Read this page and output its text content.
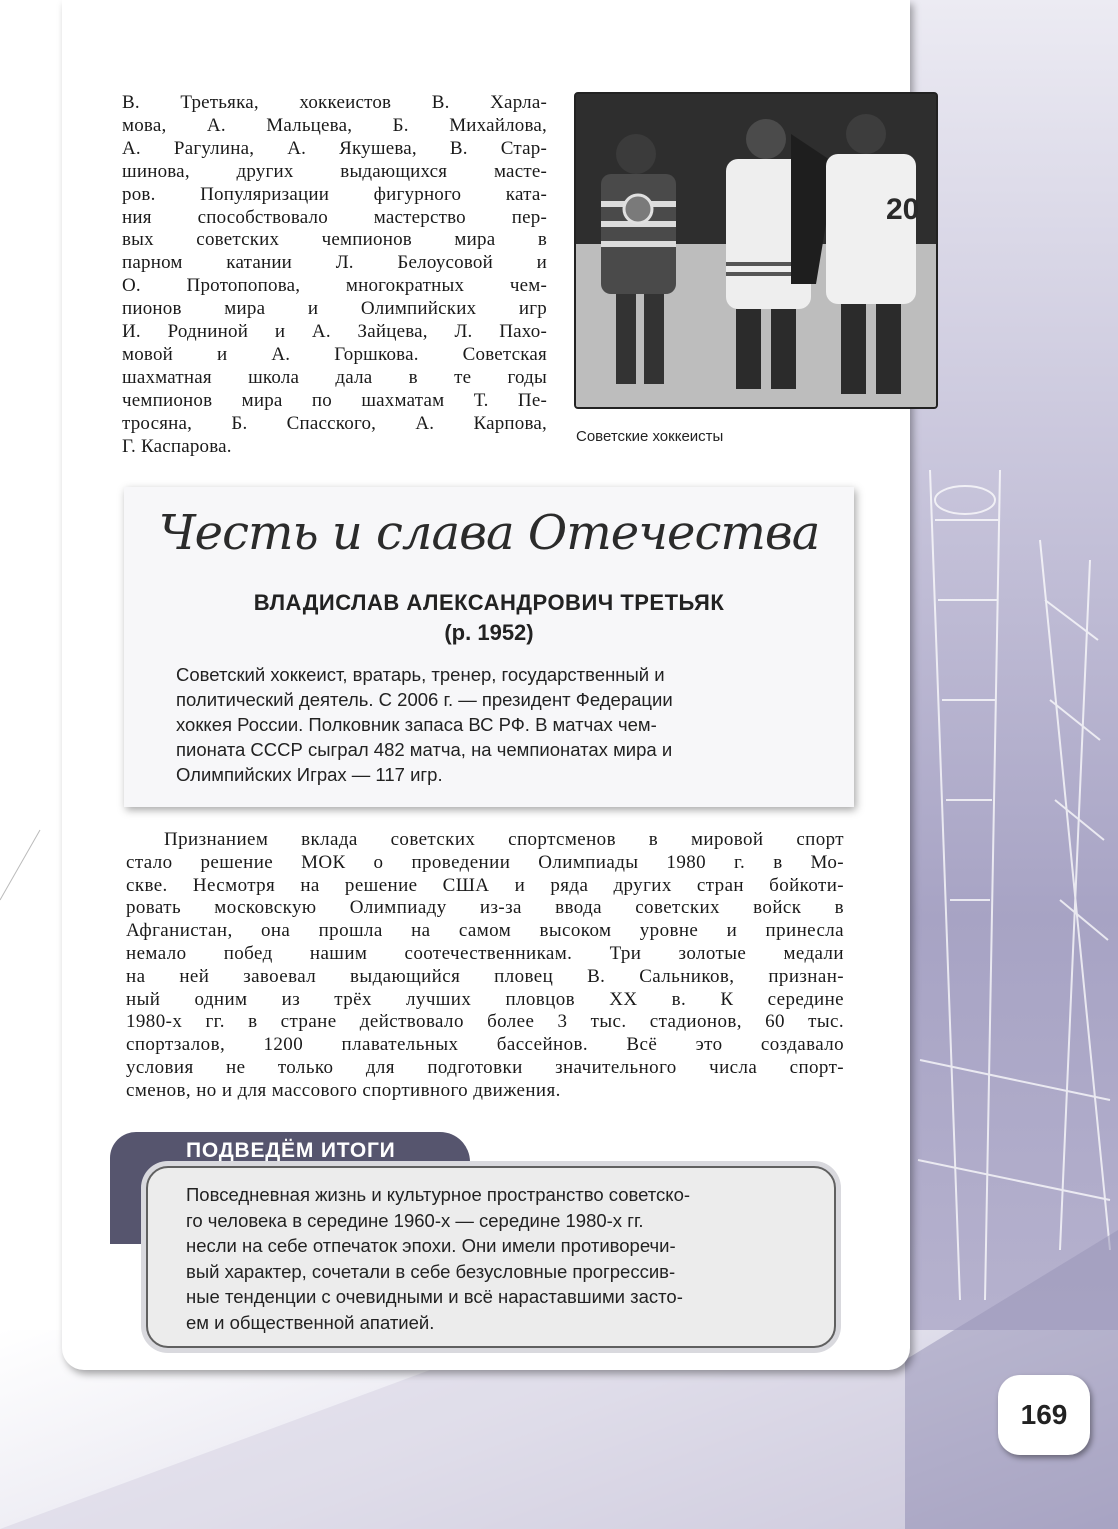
В. Третьяка, хоккеистов В. Харла-
мова, А. Мальцева, Б. Михайлова,
А. Рагулина, А. Якушева, В. Стар-
шинова, других выдающихся масте-
ров. Популяризации фигурного ката-
ния способствовало мастерство пер-
вых советских чемпионов мира в
парном катании Л. Белоусовой и
О. Протопопова, многократных чем-
пионов мира и Олимпийских игр
И. Родниной и А. Зайцева, Л. Пахо-
мовой и А. Горшкова. Советская
шахматная школа дала в те годы
чемпионов мира по шахматам Т. Пе-
тросяна, Б. Спасского, А. Карпова,
Г. Каспарова.
20
Советские хоккеисты
Честь и слава Отечества
ВЛАДИСЛАВ АЛЕКСАНДРОВИЧ ТРЕТЬЯК
(р. 1952)
Советский хоккеист, вратарь, тренер, государственный и
политический деятель. С 2006 г. — президент Федерации
хоккея России. Полковник запаса ВС РФ. В матчах чем-
пионата СССР сыграл 482 матча, на чемпионатах мира и
Олимпийских Играх — 117 игр.
Признанием вклада советских спортсменов в мировой спорт
стало решение МОК о проведении Олимпиады 1980 г. в Мо-
скве. Несмотря на решение США и ряда других стран бойкоти-
ровать московскую Олимпиаду из-за ввода советских войск в
Афганистан, она прошла на самом высоком уровне и принесла
немало побед нашим соотечественникам. Три золотые медали
на ней завоевал выдающийся пловец В. Сальников, признан-
ный одним из трёх лучших пловцов XX в. К середине
1980-х гг. в стране действовало более 3 тыс. стадионов, 60 тыс.
спортзалов, 1200 плавательных бассейнов. Всё это создавало
условия не только для подготовки значительного числа спорт-
сменов, но и для массового спортивного движения.
ПОДВЕДЁМ ИТОГИ
Повседневная жизнь и культурное пространство советско-
го человека в середине 1960-х — середине 1980-х гг.
несли на себе отпечаток эпохи. Они имели противоречи-
вый характер, сочетали в себе безусловные прогрессив-
ные тенденции с очевидными и всё нараставшими засто-
ем и общественной апатией.
169
